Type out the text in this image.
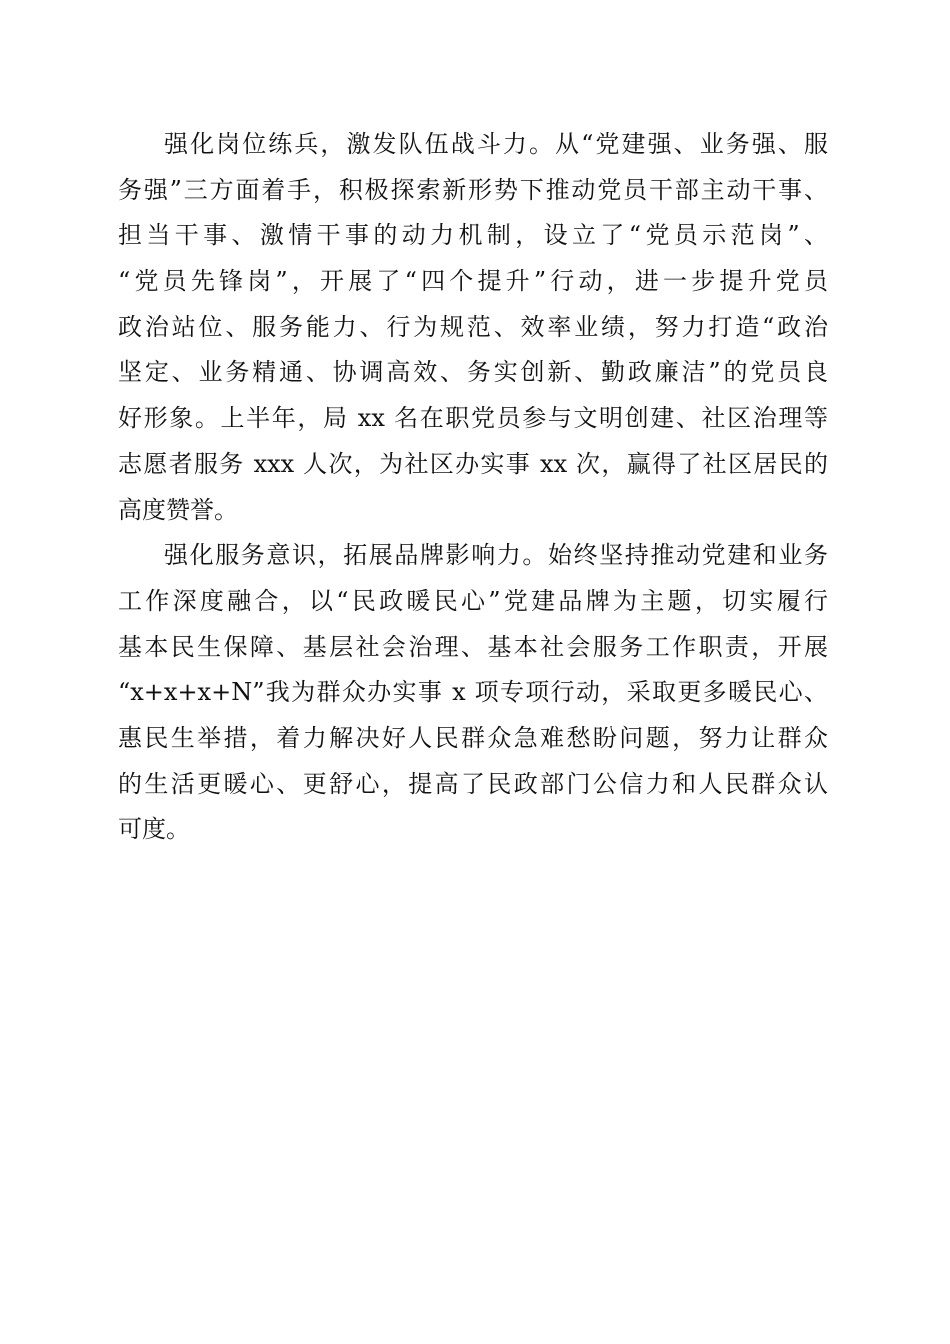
强化岗位练兵，激发队伍战斗力。从“党建强、业务强、服
务强”三方面着手，积极探索新形势下推动党员干部主动干事、
担当干事、激情干事的动力机制，设立了“党员示范岗”、
“党员先锋岗”，开展了“四个提升”行动，进一步提升党员
政治站位、服务能力、行为规范、效率业绩，努力打造“政治
坚定、业务精通、协调高效、务实创新、勤政廉洁”的党员良
好形象。上半年，局 xx 名在职党员参与文明创建、社区治理等
志愿者服务 xxx 人次，为社区办实事 xx 次，赢得了社区居民的
高度赞誉。
强化服务意识，拓展品牌影响力。始终坚持推动党建和业务
工作深度融合，以“民政暖民心”党建品牌为主题，切实履行
基本民生保障、基层社会治理、基本社会服务工作职责，开展
“x+x+x+N”我为群众办实事 x 项专项行动，采取更多暖民心、
惠民生举措，着力解决好人民群众急难愁盼问题，努力让群众
的生活更暖心、更舒心，提高了民政部门公信力和人民群众认
可度。
